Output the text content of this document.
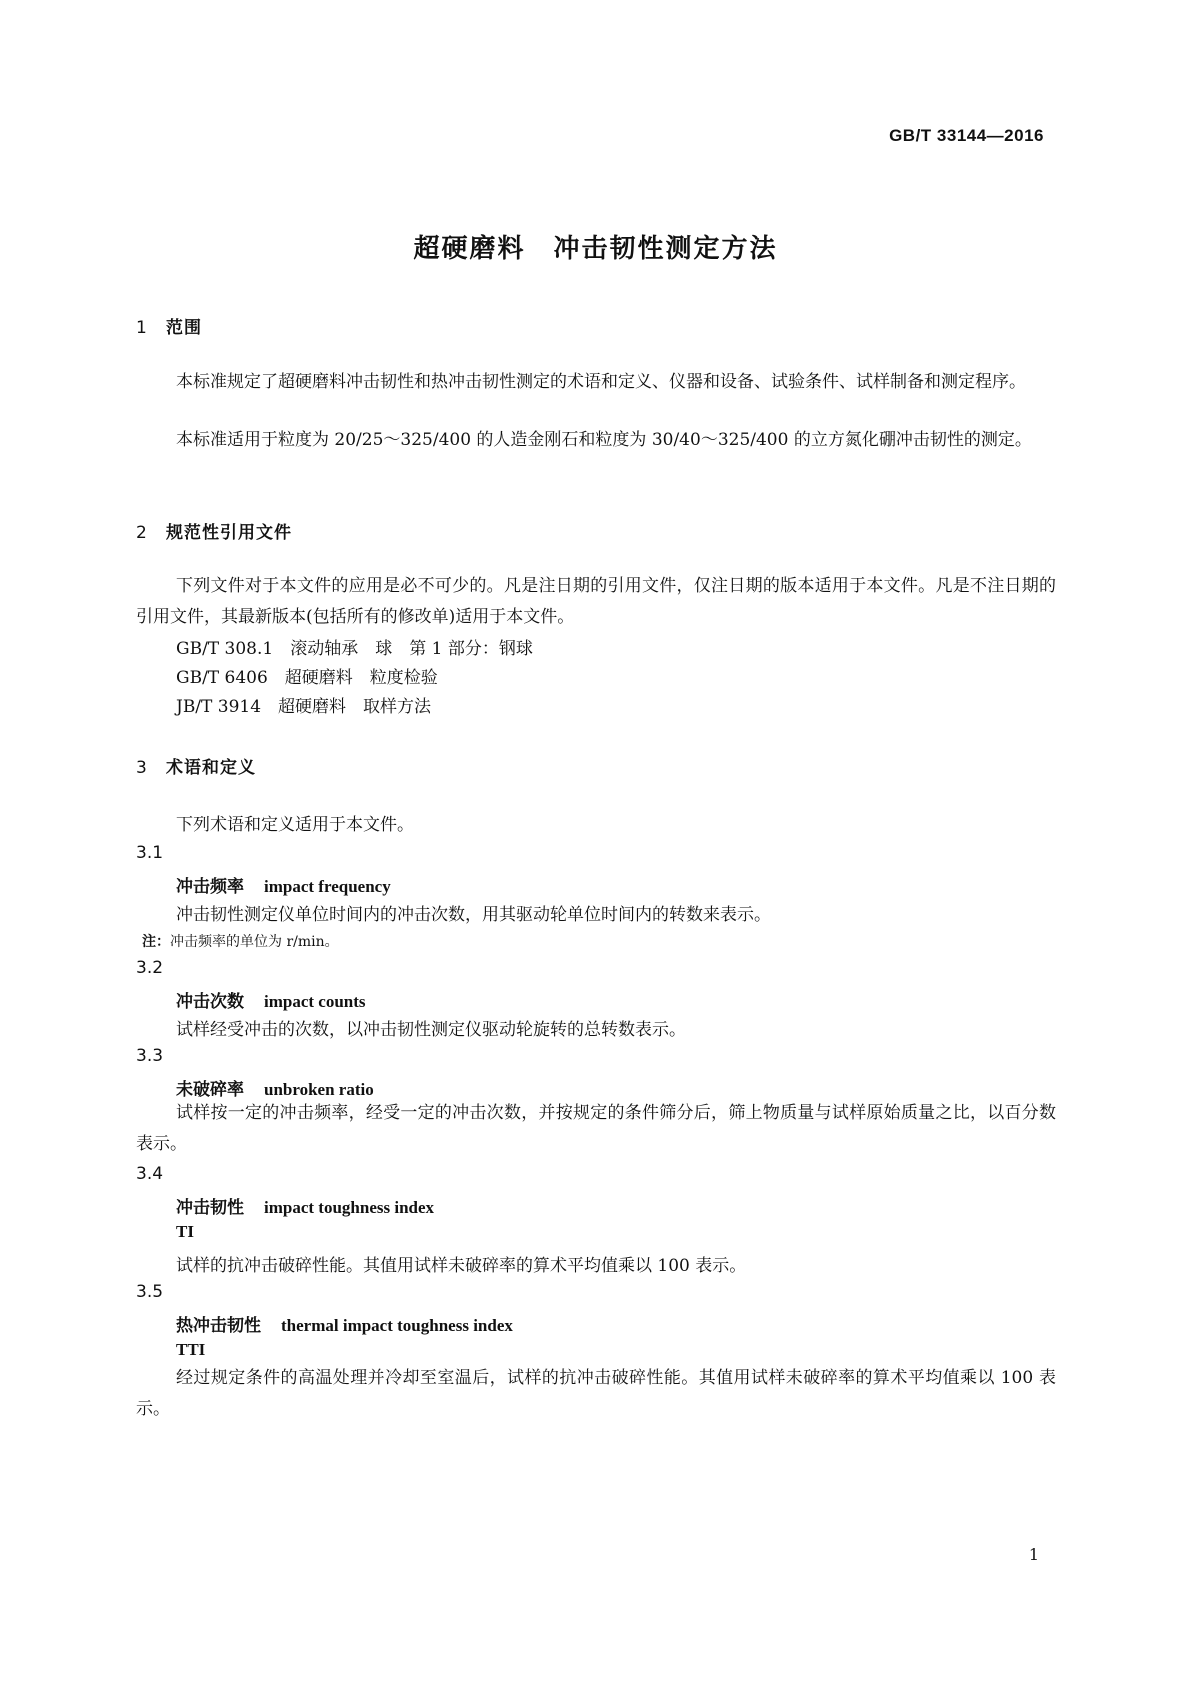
GB/T 33144—2016
超硬磨料　冲击韧性测定方法
1 范围
本标准规定了超硬磨料冲击韧性和热冲击韧性测定的术语和定义、仪器和设备、试验条件、试样制备和测定程序。
本标准适用于粒度为 20/25～325/400 的人造金刚石和粒度为 30/40～325/400 的立方氮化硼冲击韧性的测定。
2 规范性引用文件
下列文件对于本文件的应用是必不可少的。凡是注日期的引用文件，仅注日期的版本适用于本文件。凡是不注日期的引用文件，其最新版本(包括所有的修改单)适用于本文件。
GB/T 308.1　滚动轴承　球　第 1 部分：钢球
GB/T 6406　超硬磨料　粒度检验
JB/T 3914　超硬磨料　取样方法
3 术语和定义
下列术语和定义适用于本文件。
3.1
冲击频率 impact frequency
冲击韧性测定仪单位时间内的冲击次数，用其驱动轮单位时间内的转数来表示。
注：冲击频率的单位为 r/min。
3.2
冲击次数 impact counts
试样经受冲击的次数，以冲击韧性测定仪驱动轮旋转的总转数表示。
3.3
未破碎率 unbroken ratio
试样按一定的冲击频率，经受一定的冲击次数，并按规定的条件筛分后，筛上物质量与试样原始质量之比，以百分数表示。
3.4
冲击韧性 impact toughness index
TI
试样的抗冲击破碎性能。其值用试样未破碎率的算术平均值乘以 100 表示。
3.5
热冲击韧性 thermal impact toughness index
TTI
经过规定条件的高温处理并冷却至室温后，试样的抗冲击破碎性能。其值用试样未破碎率的算术平均值乘以 100 表示。
1
